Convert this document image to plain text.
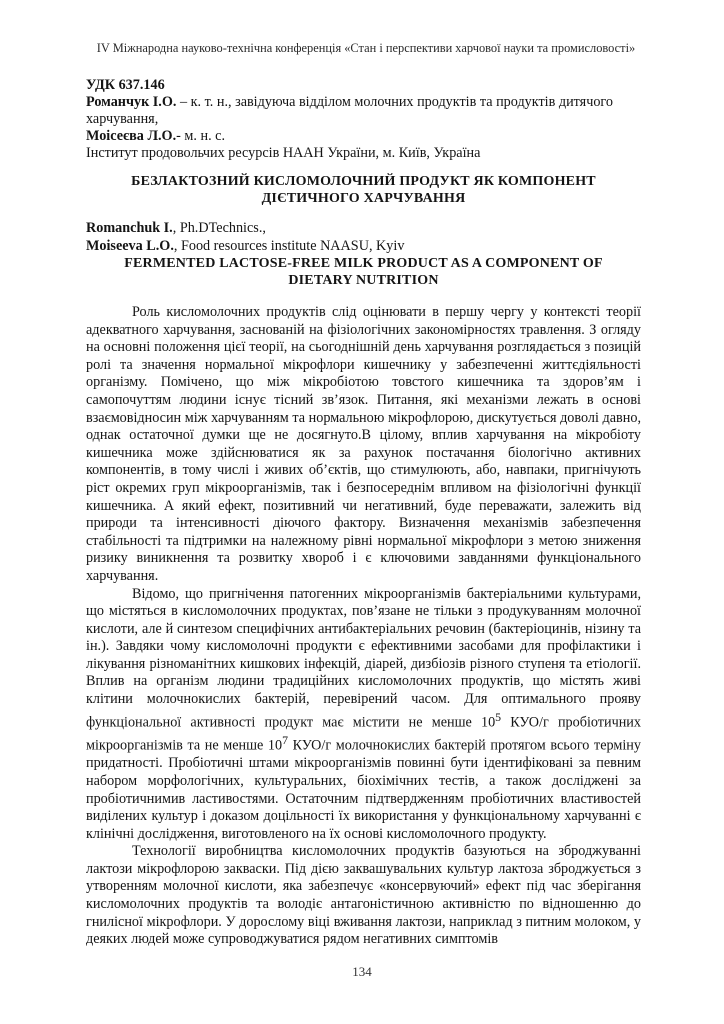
IV Міжнародна науково-технічна конференція «Стан і перспективи харчової науки та промисловості»
УДК 637.146
Романчук І.О. – к. т. н., завідуюча відділом молочних продуктів та продуктів дитячого
харчування,
Моісеєва Л.О.- м. н. с.
Інститут продовольчих ресурсів НААН України, м. Київ, Україна
БЕЗЛАКТОЗНИЙ КИСЛОМОЛОЧНИЙ ПРОДУКТ ЯК КОМПОНЕНТ
ДІЄТИЧНОГО ХАРЧУВАННЯ
Romanchuk I., Ph.DTechnics.,
Moiseeva L.O., Food resources institute NAASU, Kyiv
FERMENTED LACTOSE-FREE MILK PRODUCT AS A COMPONENT OF
DIETARY NUTRITION

Роль кисломолочних продуктів слід оцінювати в першу чергу у контексті теорії адекватного харчування, заснованій на фізіологічних закономірностях травлення. З огляду на основні положення цієї теорії, на сьогоднішній день харчування розглядається з позицій ролі та значення нормальної мікрофлори кишечнику у забезпеченні життєдіяльності організму. Помічено, що між мікробіотою товстого кишечника та здоров’ям і самопочуттям людини існує тісний зв’язок. Питання, які механізми лежать в основі взаємовідносин між харчуванням та нормальною мікрофлорою, дискутується доволі давно, однак остаточної думки ще не досягнуто.В цілому, вплив харчування на мікробіоту кишечника може здійснюватися як за рахунок постачання біологічно активних компонентів, в тому числі і живих об’єктів, що стимулюють, або, навпаки, пригнічують ріст окремих груп мікроорганізмів, так і безпосереднім впливом на фізіологічні функції кишечника. А який ефект, позитивний чи негативний, буде переважати, залежить від природи та інтенсивності діючого фактору. Визначення механізмів забезпечення стабільності та підтримки на належному рівні нормальної мікрофлори з метою зниження ризику виникнення та розвитку хвороб і є ключовими завданнями функціонального харчування.

Відомо, що пригнічення патогенних мікроорганізмів бактеріальними культурами, що містяться в кисломолочних продуктах, пов’язане не тільки з продукуванням молочної кислоти, але й синтезом специфічних антибактеріальних речовин (бактеріоцинів, нізину та ін.). Завдяки чому кисломолочні продукти є ефективними засобами для профілактики і лікування різноманітних кишкових інфекцій, діарей, дизбіозів різного ступеня та етіології. Вплив на організм людини традиційних кисломолочних продуктів, що містять живі клітини молочнокислих бактерій, перевірений часом. Для оптимального прояву функціональної активності продукт має містити не менше $10^5$ КУО/г пробіотичних мікроорганізмів та не менше $10^7$ КУО/г молочнокислих бактерій протягом всього терміну придатності. Пробіотичні штами мікроорганізмів повинні бути ідентифіковані за певним набором морфологічних, культуральних, біохімічних тестів, а також досліджені за пробіотичнимив ластивостями. Остаточним підтвердженням пробіотичних властивостей виділених культур і доказом доцільності їх використання у функціональному харчуванні є клінічні дослідження, виготовленого на їх основі кисломолочного продукту.

Технології виробництва кисломолочних продуктів базуються на зброджуванні лактози мікрофлорою закваски. Під дією заквашувальних культур лактоза зброджується з утворенням молочної кислоти, яка забезпечує «консервуючий» ефект під час зберігання кисломолочних продуктів та володіє антагоністичною активністю по відношенню до гнилісної мікрофлори. У дорослому віці вживання лактози, наприклад з питним молоком, у деяких людей може супроводжуватися рядом негативних симптомів

134
